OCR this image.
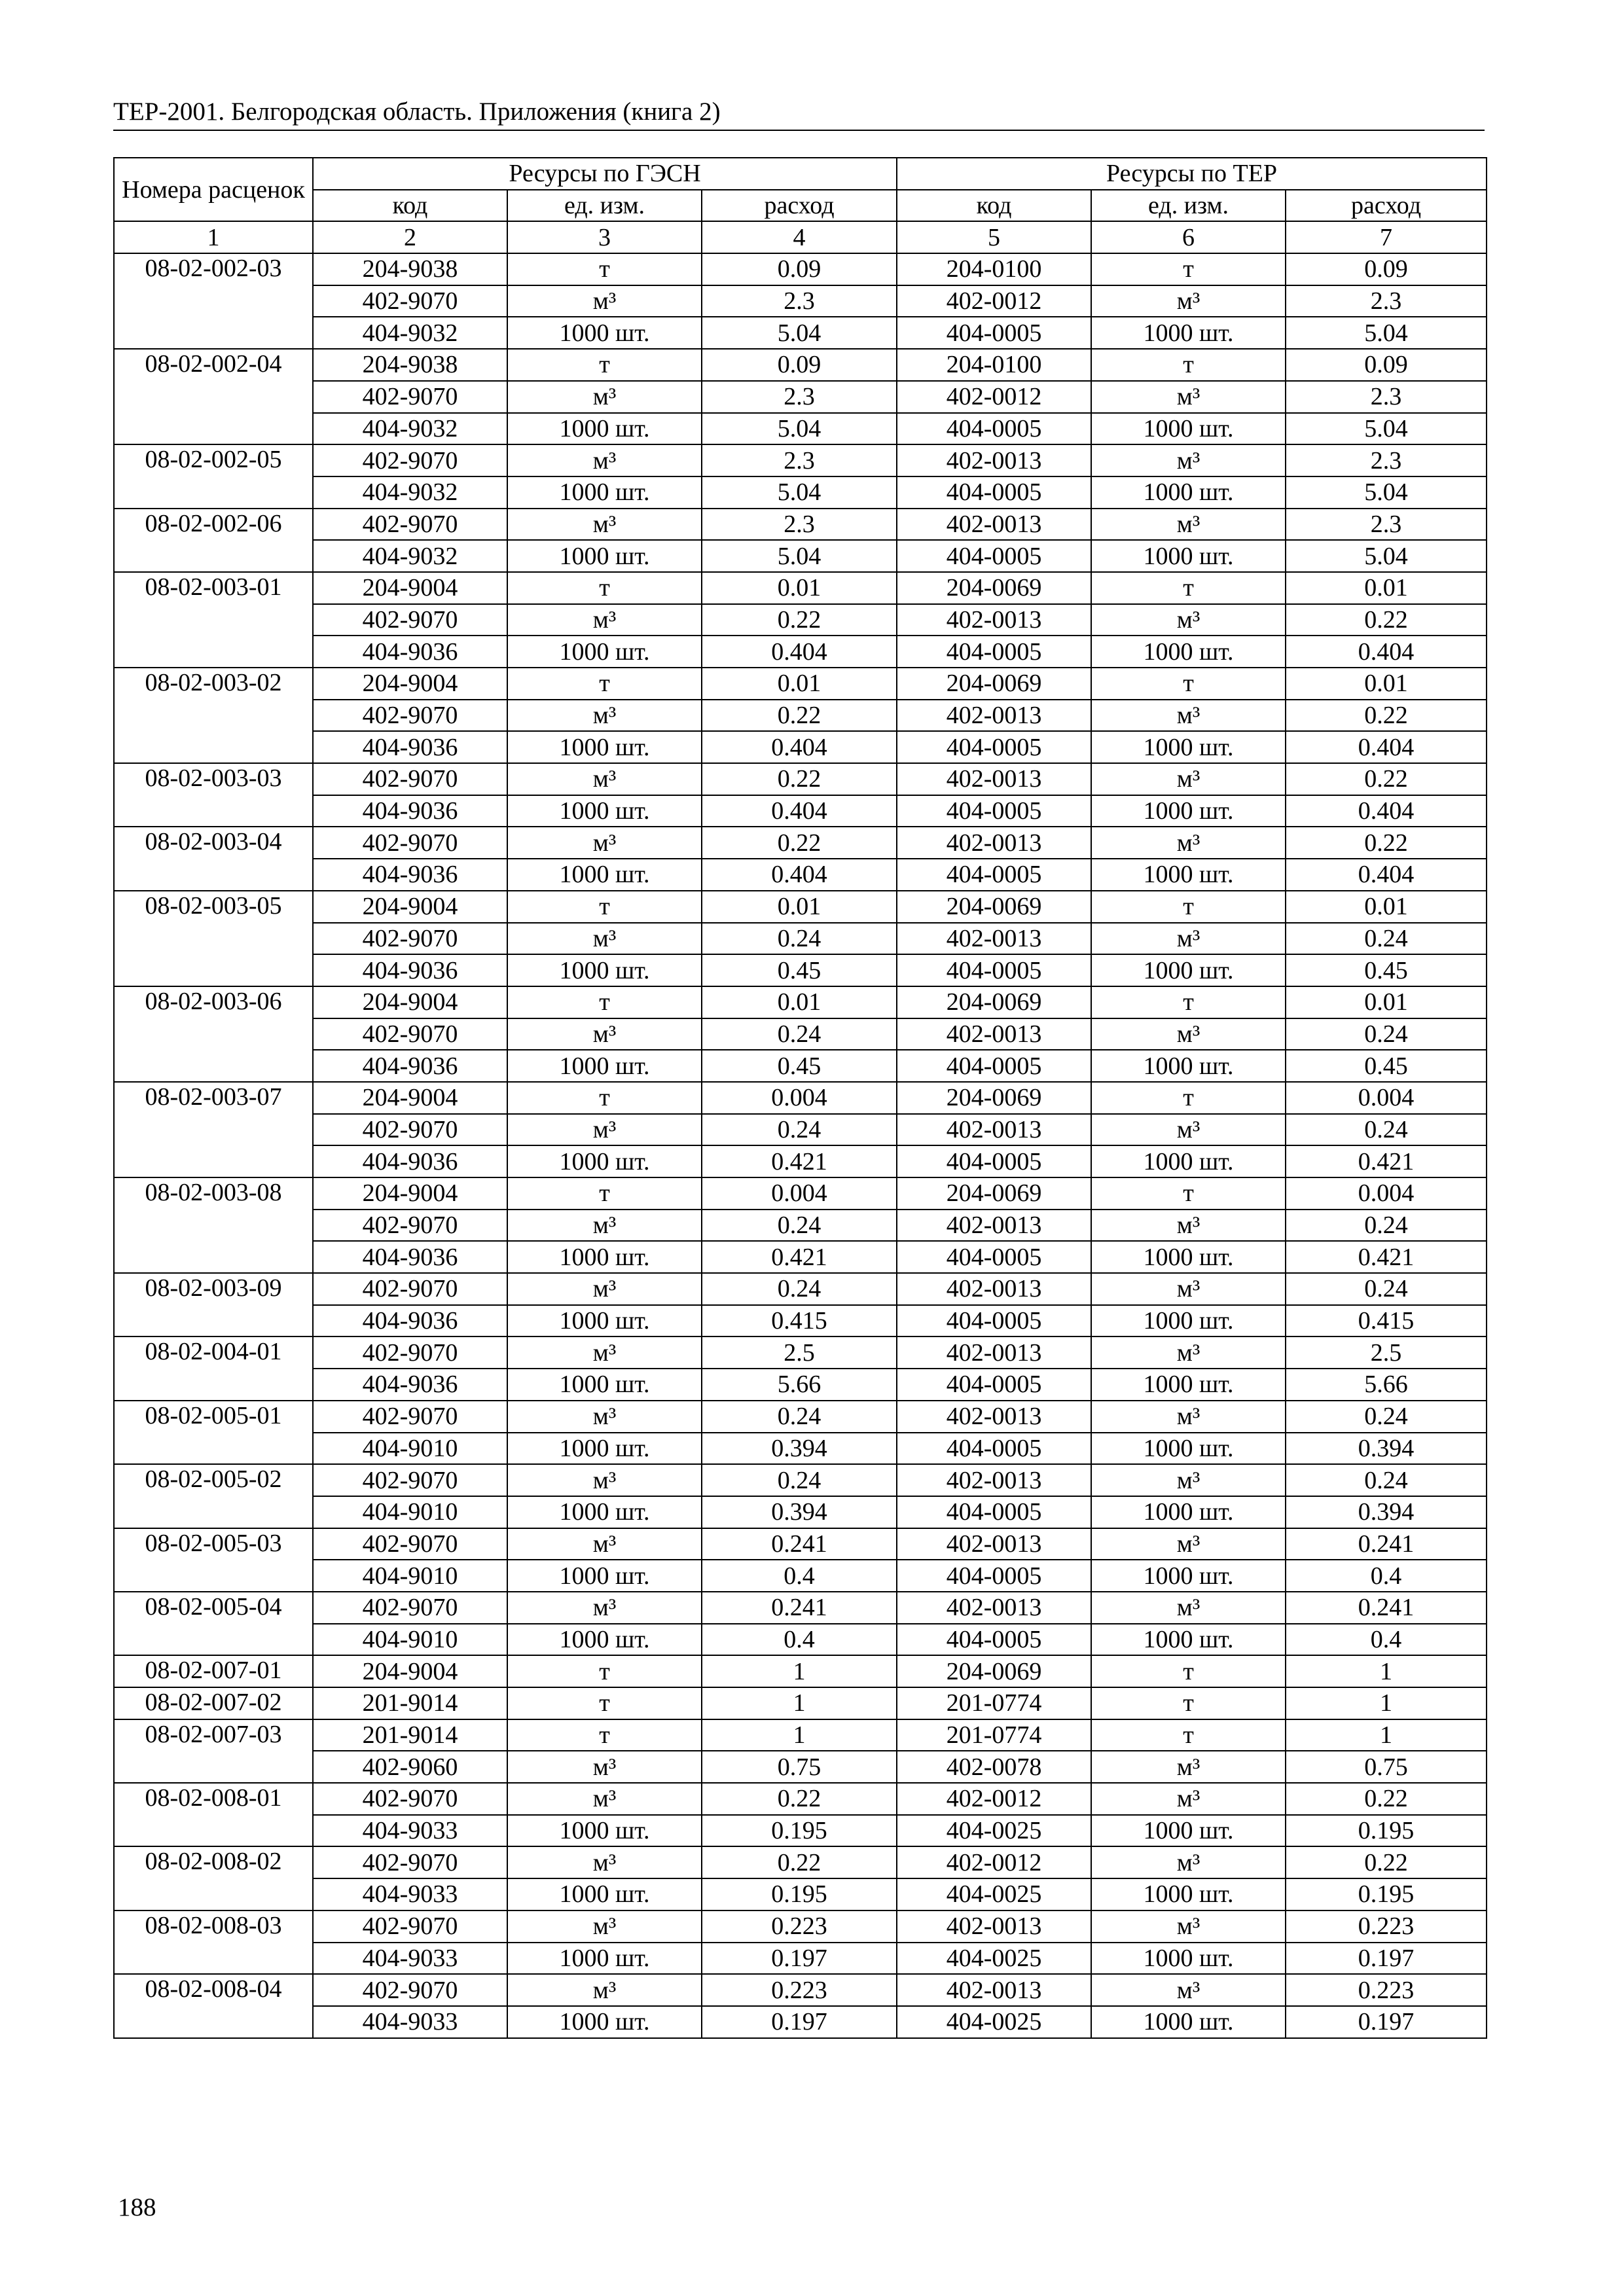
ТЕР-2001. Белгородская область. Приложения (книга 2)
Номера расценок	Ресурсы по ГЭСН			Ресурсы по ТЕР		
	код	ед. изм.	расход	код	ед. изм.	расход
1	2	3	4	5	6	7
08-02-002-03	204-9038	т	0.09	204-0100	т	0.09
	402-9070	м³	2.3	402-0012	м³	2.3
	404-9032	1000 шт.	5.04	404-0005	1000 шт.	5.04
08-02-002-04	204-9038	т	0.09	204-0100	т	0.09
	402-9070	м³	2.3	402-0012	м³	2.3
	404-9032	1000 шт.	5.04	404-0005	1000 шт.	5.04
08-02-002-05	402-9070	м³	2.3	402-0013	м³	2.3
	404-9032	1000 шт.	5.04	404-0005	1000 шт.	5.04
08-02-002-06	402-9070	м³	2.3	402-0013	м³	2.3
	404-9032	1000 шт.	5.04	404-0005	1000 шт.	5.04
08-02-003-01	204-9004	т	0.01	204-0069	т	0.01
	402-9070	м³	0.22	402-0013	м³	0.22
	404-9036	1000 шт.	0.404	404-0005	1000 шт.	0.404
08-02-003-02	204-9004	т	0.01	204-0069	т	0.01
	402-9070	м³	0.22	402-0013	м³	0.22
	404-9036	1000 шт.	0.404	404-0005	1000 шт.	0.404
08-02-003-03	402-9070	м³	0.22	402-0013	м³	0.22
	404-9036	1000 шт.	0.404	404-0005	1000 шт.	0.404
08-02-003-04	402-9070	м³	0.22	402-0013	м³	0.22
	404-9036	1000 шт.	0.404	404-0005	1000 шт.	0.404
08-02-003-05	204-9004	т	0.01	204-0069	т	0.01
	402-9070	м³	0.24	402-0013	м³	0.24
	404-9036	1000 шт.	0.45	404-0005	1000 шт.	0.45
08-02-003-06	204-9004	т	0.01	204-0069	т	0.01
	402-9070	м³	0.24	402-0013	м³	0.24
	404-9036	1000 шт.	0.45	404-0005	1000 шт.	0.45
08-02-003-07	204-9004	т	0.004	204-0069	т	0.004
	402-9070	м³	0.24	402-0013	м³	0.24
	404-9036	1000 шт.	0.421	404-0005	1000 шт.	0.421
08-02-003-08	204-9004	т	0.004	204-0069	т	0.004
	402-9070	м³	0.24	402-0013	м³	0.24
	404-9036	1000 шт.	0.421	404-0005	1000 шт.	0.421
08-02-003-09	402-9070	м³	0.24	402-0013	м³	0.24
	404-9036	1000 шт.	0.415	404-0005	1000 шт.	0.415
08-02-004-01	402-9070	м³	2.5	402-0013	м³	2.5
	404-9036	1000 шт.	5.66	404-0005	1000 шт.	5.66
08-02-005-01	402-9070	м³	0.24	402-0013	м³	0.24
	404-9010	1000 шт.	0.394	404-0005	1000 шт.	0.394
08-02-005-02	402-9070	м³	0.24	402-0013	м³	0.24
	404-9010	1000 шт.	0.394	404-0005	1000 шт.	0.394
08-02-005-03	402-9070	м³	0.241	402-0013	м³	0.241
	404-9010	1000 шт.	0.4	404-0005	1000 шт.	0.4
08-02-005-04	402-9070	м³	0.241	402-0013	м³	0.241
	404-9010	1000 шт.	0.4	404-0005	1000 шт.	0.4
08-02-007-01	204-9004	т	1	204-0069	т	1
08-02-007-02	201-9014	т	1	201-0774	т	1
08-02-007-03	201-9014	т	1	201-0774	т	1
	402-9060	м³	0.75	402-0078	м³	0.75
08-02-008-01	402-9070	м³	0.22	402-0012	м³	0.22
	404-9033	1000 шт.	0.195	404-0025	1000 шт.	0.195
08-02-008-02	402-9070	м³	0.22	402-0012	м³	0.22
	404-9033	1000 шт.	0.195	404-0025	1000 шт.	0.195
08-02-008-03	402-9070	м³	0.223	402-0013	м³	0.223
	404-9033	1000 шт.	0.197	404-0025	1000 шт.	0.197
08-02-008-04	402-9070	м³	0.223	402-0013	м³	0.223
	404-9033	1000 шт.	0.197	404-0025	1000 шт.	0.197
188
